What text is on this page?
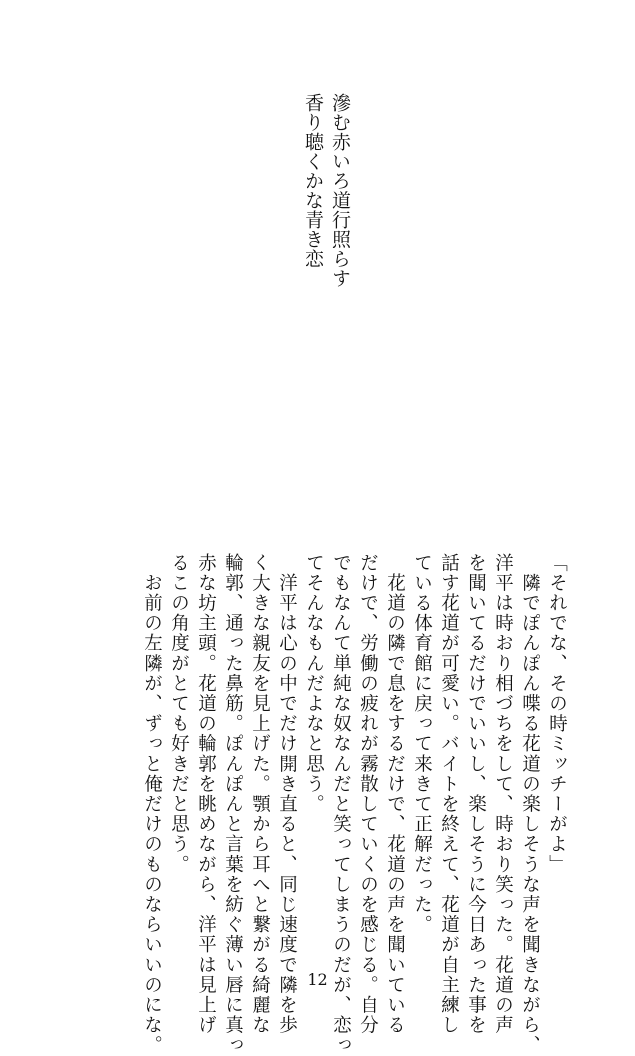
滲む赤いろ道行照らす
香り聴くかな青き恋
「それでな、その時ミッチーがよ」
　隣でぽんぽん喋る花道の楽しそうな声を聞きながら、
洋平は時おり相づちをして、時おり笑った。花道の声
を聞いてるだけでいいし、楽しそうに今日あった事を
話す花道が可愛い。バイトを終えて、花道が自主練し
ている体育館に戻って来きて正解だった。
　花道の隣で息をするだけで、花道の声を聞いている
だけで、労働の疲れが霧散していくのを感じる。自分
でもなんて単純な奴なんだと笑ってしまうのだが、恋っ
てそんなもんだよなと思う。
　洋平は心の中でだけ開き直ると、同じ速度で隣を歩
く大きな親友を見上げた。顎から耳へと繋がる綺麗な
輪郭、通った鼻筋。ぽんぽんと言葉を紡ぐ薄い唇に真っ
赤な坊主頭。花道の輪郭を眺めながら、洋平は見上げ
るこの角度がとても好きだと思う。
　お前の左隣が、ずっと俺だけのものならいいのにな。	12
